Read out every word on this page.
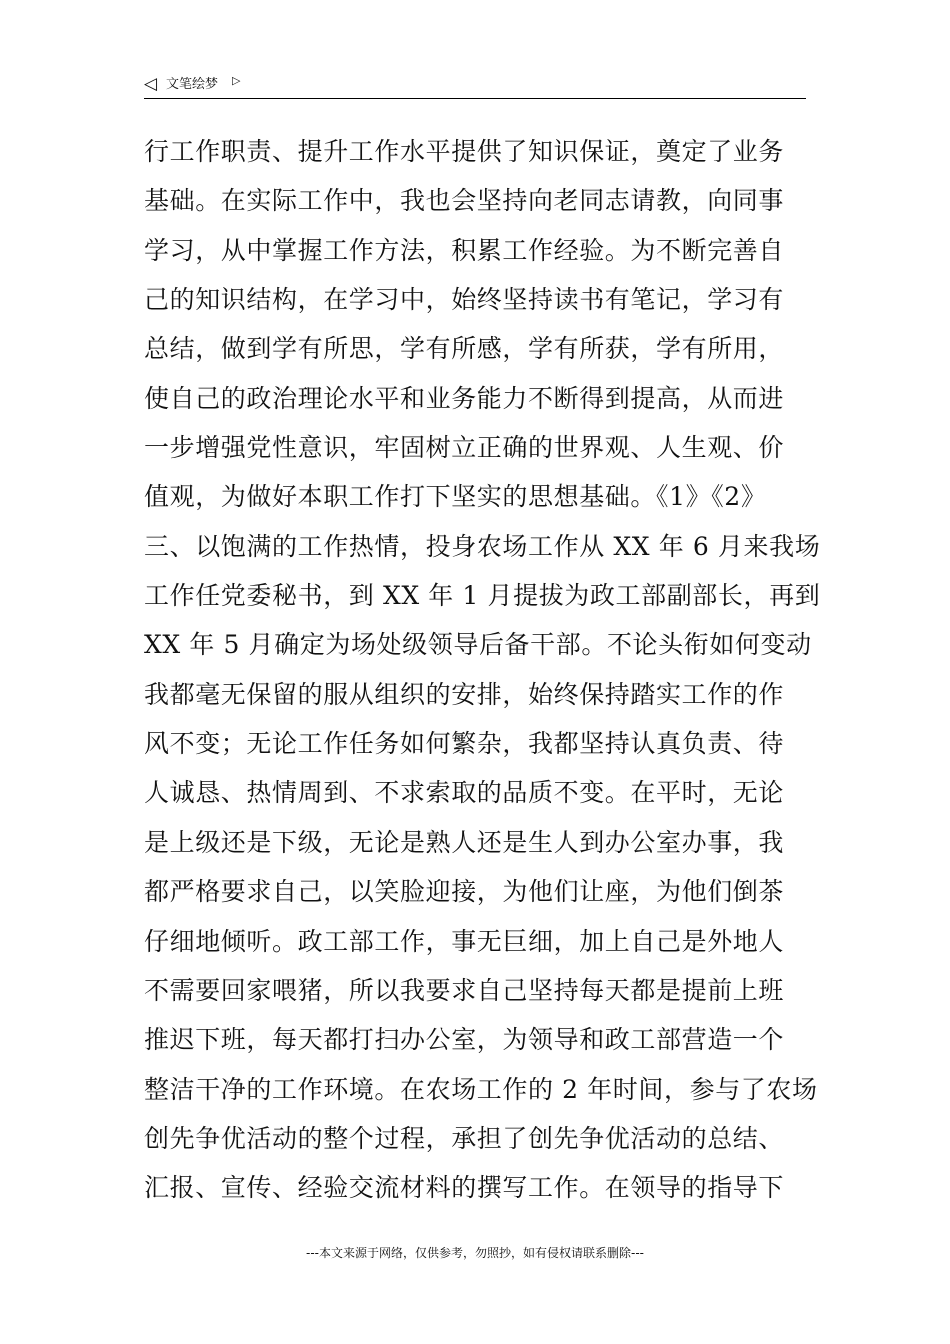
◁ 文笔绘梦 ▷
行工作职责、提升工作水平提供了知识保证，奠定了业务
基础。在实际工作中，我也会坚持向老同志请教，向同事
学习，从中掌握工作方法，积累工作经验。为不断完善自
己的知识结构，在学习中，始终坚持读书有笔记，学习有
总结，做到学有所思，学有所感，学有所获，学有所用，
使自己的政治理论水平和业务能力不断得到提高，从而进
一步增强党性意识，牢固树立正确的世界观、人生观、价
值观，为做好本职工作打下坚实的思想基础。《1》《2》
三、以饱满的工作热情，投身农场工作从 XX 年 6 月来我场
工作任党委秘书，到 XX 年 1 月提拔为政工部副部长，再到
XX 年 5 月确定为场处级领导后备干部。不论头衔如何变动
我都毫无保留的服从组织的安排，始终保持踏实工作的作
风不变；无论工作任务如何繁杂，我都坚持认真负责、待
人诚恳、热情周到、不求索取的品质不变。在平时，无论
是上级还是下级，无论是熟人还是生人到办公室办事，我
都严格要求自己，以笑脸迎接，为他们让座，为他们倒茶
仔细地倾听。政工部工作，事无巨细，加上自己是外地人
不需要回家喂猪，所以我要求自己坚持每天都是提前上班
推迟下班，每天都打扫办公室，为领导和政工部营造一个
整洁干净的工作环境。在农场工作的 2 年时间，参与了农场
创先争优活动的整个过程，承担了创先争优活动的总结、
汇报、宣传、经验交流材料的撰写工作。在领导的指导下
---本文来源于网络，仅供参考，勿照抄，如有侵权请联系删除---
